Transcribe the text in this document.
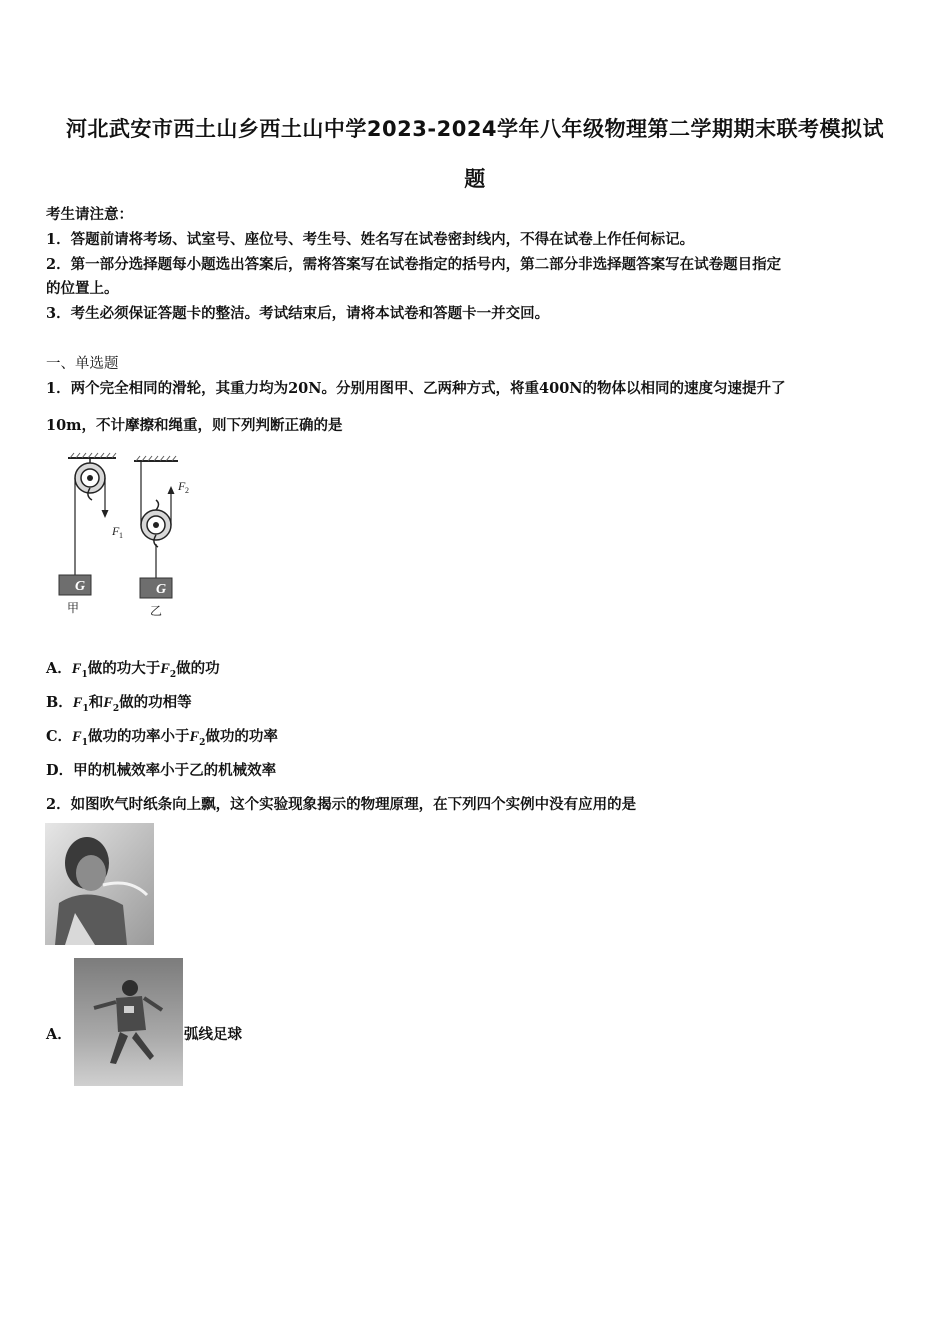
河北武安市西土山乡西土山中学2023-2024学年八年级物理第二学期期末联考模拟试
题
考生请注意：
1．答题前请将考场、试室号、座位号、考生号、姓名写在试卷密封线内，不得在试卷上作任何标记。
2．第一部分选择题每小题选出答案后，需将答案写在试卷指定的括号内，第二部分非选择题答案写在试卷题目指定
的位置上。
3．考生必须保证答题卡的整洁。考试结束后，请将本试卷和答题卡一并交回。
一、单选题
1．两个完全相同的滑轮，其重力均为20N。分别用图甲、乙两种方式，将重400N的物体以相同的速度匀速提升了
10m，不计摩擦和绳重，则下列判断正确的是
G	G
F 1
F 2
甲	乙
A．$F_1$做的功大于$F_2$做的功
B．$F_1$和$F_2$做的功相等
C．$F_1$做功的功率小于$F_2$做功的功率
D．甲的机械效率小于乙的机械效率
2．如图吹气时纸条向上飘，这个实验现象揭示的物理原理，在下列四个实例中没有应用的是
A．	弧线足球
